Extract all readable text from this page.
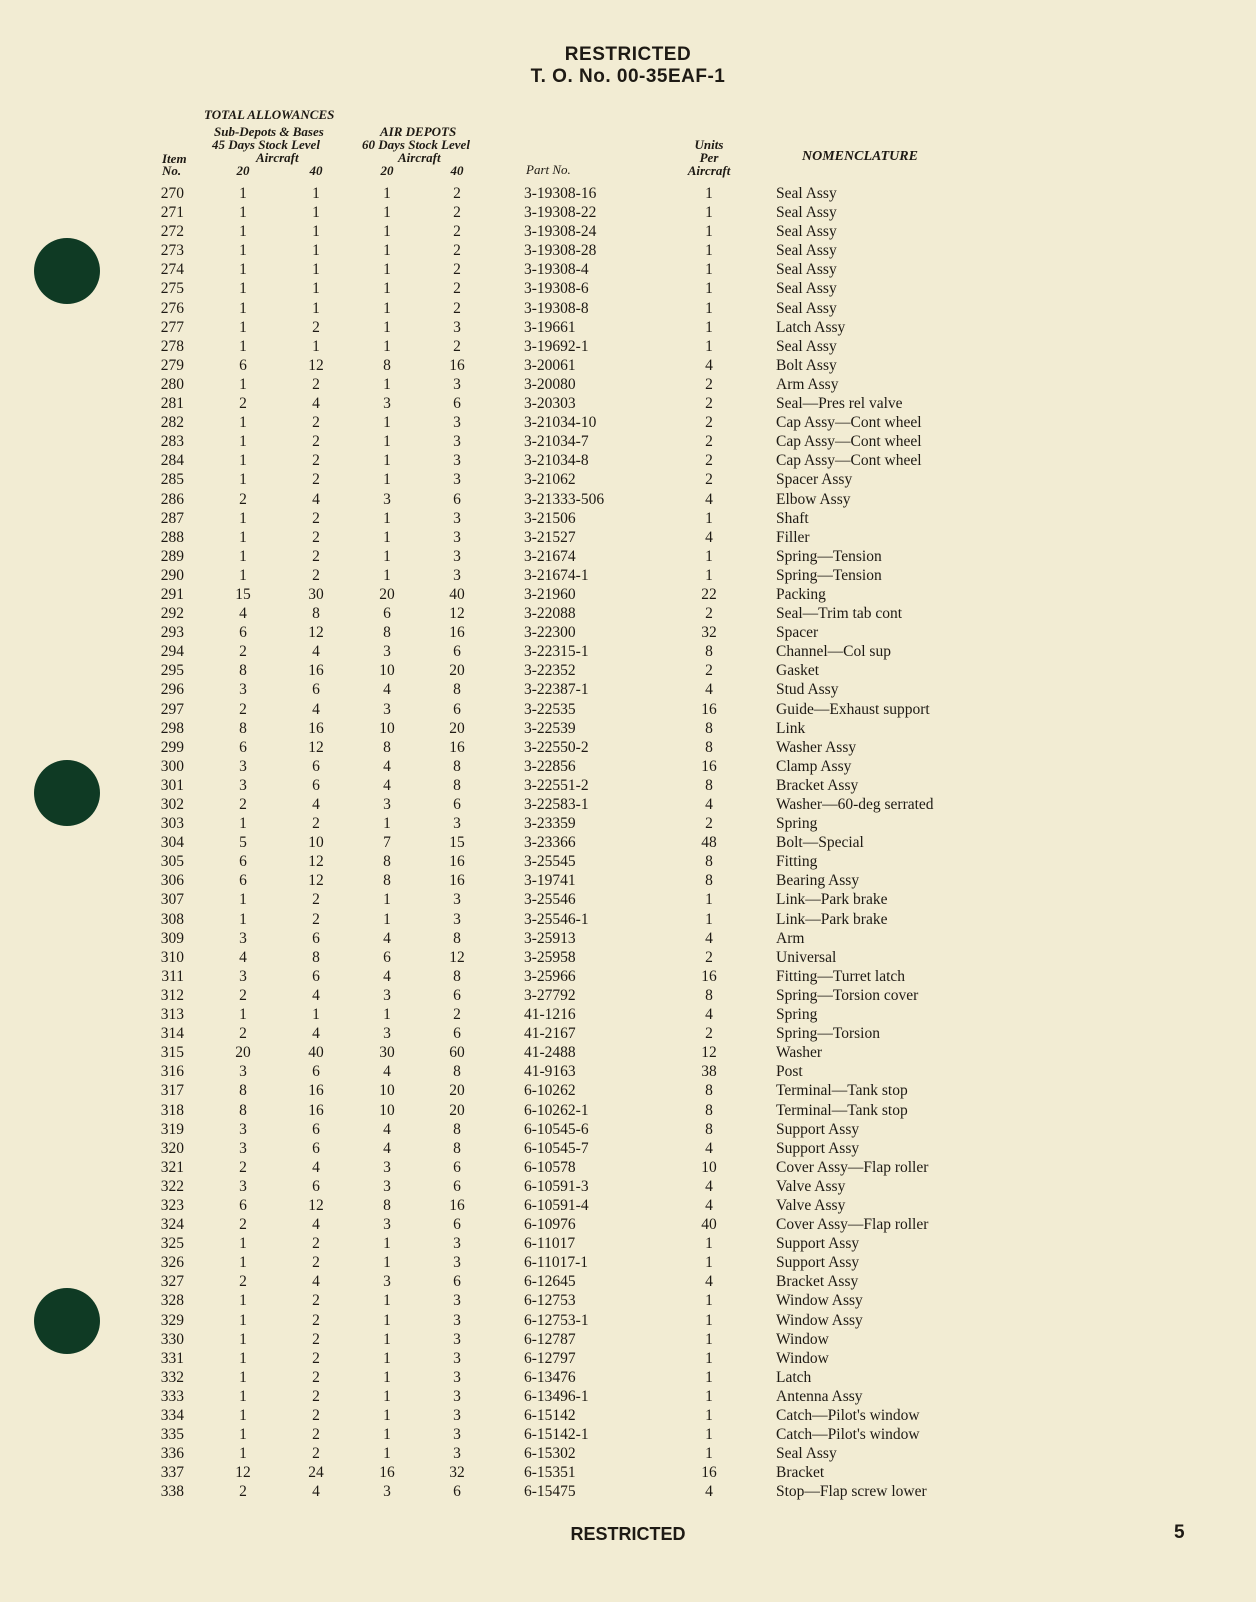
RESTRICTED
T. O. No. 00-35EAF-1
TOTAL ALLOWANCES
Sub-Depots & Bases
45 Days Stock Level
AIR DEPOTS
60 Days Stock Level
Aircraft	Aircraft
Item
No.	20	40	20	40	Part No.
Units
Per
Aircraft
NOMENCLATURE
270	1	1	1	2	3-19308-16	1	Seal Assy
271	1	1	1	2	3-19308-22	1	Seal Assy
272	1	1	1	2	3-19308-24	1	Seal Assy
273	1	1	1	2	3-19308-28	1	Seal Assy
274	1	1	1	2	3-19308-4	1	Seal Assy
275	1	1	1	2	3-19308-6	1	Seal Assy
276	1	1	1	2	3-19308-8	1	Seal Assy
277	1	2	1	3	3-19661	1	Latch Assy
278	1	1	1	2	3-19692-1	1	Seal Assy
279	6	12	8	16	3-20061	4	Bolt Assy
280	1	2	1	3	3-20080	2	Arm Assy
281	2	4	3	6	3-20303	2	Seal—Pres rel valve
282	1	2	1	3	3-21034-10	2	Cap Assy—Cont wheel
283	1	2	1	3	3-21034-7	2	Cap Assy—Cont wheel
284	1	2	1	3	3-21034-8	2	Cap Assy—Cont wheel
285	1	2	1	3	3-21062	2	Spacer Assy
286	2	4	3	6	3-21333-506	4	Elbow Assy
287	1	2	1	3	3-21506	1	Shaft
288	1	2	1	3	3-21527	4	Filler
289	1	2	1	3	3-21674	1	Spring—Tension
290	1	2	1	3	3-21674-1	1	Spring—Tension
291	15	30	20	40	3-21960	22	Packing
292	4	8	6	12	3-22088	2	Seal—Trim tab cont
293	6	12	8	16	3-22300	32	Spacer
294	2	4	3	6	3-22315-1	8	Channel—Col sup
295	8	16	10	20	3-22352	2	Gasket
296	3	6	4	8	3-22387-1	4	Stud Assy
297	2	4	3	6	3-22535	16	Guide—Exhaust support
298	8	16	10	20	3-22539	8	Link
299	6	12	8	16	3-22550-2	8	Washer Assy
300	3	6	4	8	3-22856	16	Clamp Assy
301	3	6	4	8	3-22551-2	8	Bracket Assy
302	2	4	3	6	3-22583-1	4	Washer—60-deg serrated
303	1	2	1	3	3-23359	2	Spring
304	5	10	7	15	3-23366	48	Bolt—Special
305	6	12	8	16	3-25545	8	Fitting
306	6	12	8	16	3-19741	8	Bearing Assy
307	1	2	1	3	3-25546	1	Link—Park brake
308	1	2	1	3	3-25546-1	1	Link—Park brake
309	3	6	4	8	3-25913	4	Arm
310	4	8	6	12	3-25958	2	Universal
311	3	6	4	8	3-25966	16	Fitting—Turret latch
312	2	4	3	6	3-27792	8	Spring—Torsion cover
313	1	1	1	2	41-1216	4	Spring
314	2	4	3	6	41-2167	2	Spring—Torsion
315	20	40	30	60	41-2488	12	Washer
316	3	6	4	8	41-9163	38	Post
317	8	16	10	20	6-10262	8	Terminal—Tank stop
318	8	16	10	20	6-10262-1	8	Terminal—Tank stop
319	3	6	4	8	6-10545-6	8	Support Assy
320	3	6	4	8	6-10545-7	4	Support Assy
321	2	4	3	6	6-10578	10	Cover Assy—Flap roller
322	3	6	3	6	6-10591-3	4	Valve Assy
323	6	12	8	16	6-10591-4	4	Valve Assy
324	2	4	3	6	6-10976	40	Cover Assy—Flap roller
325	1	2	1	3	6-11017	1	Support Assy
326	1	2	1	3	6-11017-1	1	Support Assy
327	2	4	3	6	6-12645	4	Bracket Assy
328	1	2	1	3	6-12753	1	Window Assy
329	1	2	1	3	6-12753-1	1	Window Assy
330	1	2	1	3	6-12787	1	Window
331	1	2	1	3	6-12797	1	Window
332	1	2	1	3	6-13476	1	Latch
333	1	2	1	3	6-13496-1	1	Antenna Assy
334	1	2	1	3	6-15142	1	Catch—Pilot's window
335	1	2	1	3	6-15142-1	1	Catch—Pilot's window
336	1	2	1	3	6-15302	1	Seal Assy
337	12	24	16	32	6-15351	16	Bracket
338	2	4	3	6	6-15475	4	Stop—Flap screw lower
RESTRICTED	5
